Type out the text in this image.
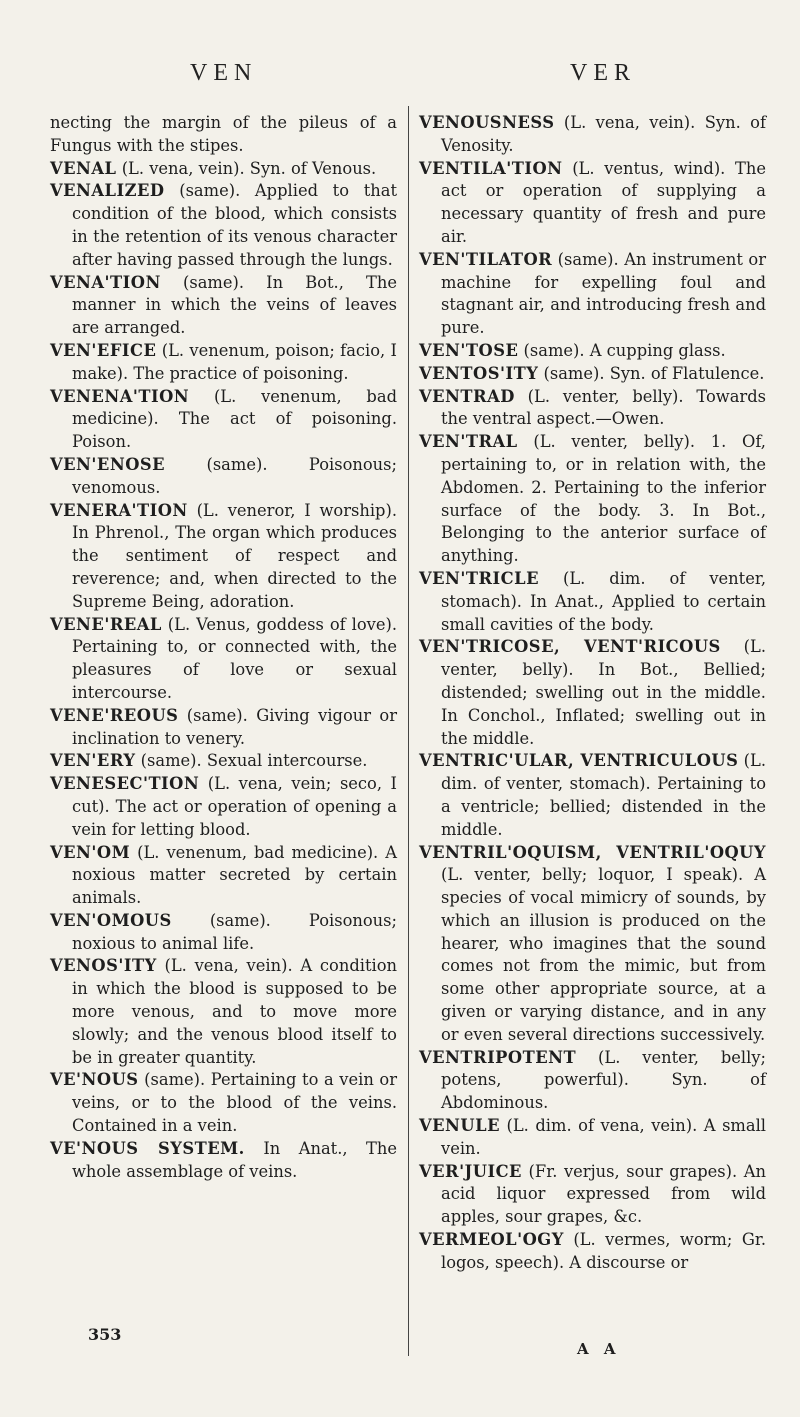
VEN	VER

necting the margin of the pileus of a Fungus with the stipes.

VENAL (L. vena, vein). Syn. of Venous.

VENALIZED (same). Applied to that condition of the blood, which consists in the retention of its venous character after having passed through the lungs.

VENA'TION (same). In Bot., The manner in which the veins of leaves are arranged.

VEN'EFICE (L. venenum, poison; facio, I make). The practice of poisoning.

VENENA'TION (L. venenum, bad medicine). The act of poisoning. Poison.

VEN'ENOSE (same). Poisonous; venomous.

VENERA'TION (L. veneror, I worship). In Phrenol., The organ which produces the sentiment of respect and reverence; and, when directed to the Supreme Being, adoration.

VENE'REAL (L. Venus, goddess of love). Pertaining to, or connected with, the pleasures of love or sexual intercourse.

VENE'REOUS (same). Giving vigour or inclination to venery.

VEN'ERY (same). Sexual intercourse.

VENESEC'TION (L. vena, vein; seco, I cut). The act or operation of opening a vein for letting blood.

VEN'OM (L. venenum, bad medicine). A noxious matter secreted by certain animals.

VEN'OMOUS (same). Poisonous; noxious to animal life.

VENOS'ITY (L. vena, vein). A condition in which the blood is supposed to be more venous, and to move more slowly; and the venous blood itself to be in greater quantity.

VE'NOUS (same). Pertaining to a vein or veins, or to the blood of the veins. Contained in a vein.

VE'NOUS SYSTEM. In Anat., The whole assemblage of veins.

VENOUSNESS (L. vena, vein). Syn. of Venosity.

VENTILA'TION (L. ventus, wind). The act or operation of supplying a necessary quantity of fresh and pure air.

VEN'TILATOR (same). An instrument or machine for expelling foul and stagnant air, and introducing fresh and pure.

VEN'TOSE (same). A cupping glass.

VENTOS'ITY (same). Syn. of Flatulence.

VENTRAD (L. venter, belly). Towards the ventral aspect.—Owen.

VEN'TRAL (L. venter, belly). 1. Of, pertaining to, or in relation with, the Abdomen. 2. Pertaining to the inferior surface of the body. 3. In Bot., Belonging to the anterior surface of anything.

VEN'TRICLE (L. dim. of venter, stomach). In Anat., Applied to certain small cavities of the body.

VEN'TRICOSE, VENT'RICOUS (L. venter, belly). In Bot., Bellied; distended; swelling out in the middle. In Conchol., Inflated; swelling out in the middle.

VENTRIC'ULAR, VENTRICULOUS (L. dim. of venter, stomach). Pertaining to a ventricle; bellied; distended in the middle.

VENTRIL'OQUISM, VENTRIL'OQUY (L. venter, belly; loquor, I speak). A species of vocal mimicry of sounds, by which an illusion is produced on the hearer, who imagines that the sound comes not from the mimic, but from some other appropriate source, at a given or varying distance, and in any or even several directions successively.

VENTRIPOTENT (L. venter, belly; potens, powerful). Syn. of Abdominous.

VENULE (L. dim. of vena, vein). A small vein.

VER'JUICE (Fr. verjus, sour grapes). An acid liquor expressed from wild apples, sour grapes, &c.

VERMEOL'OGY (L. vermes, worm; Gr. logos, speech). A discourse or

353
A A
